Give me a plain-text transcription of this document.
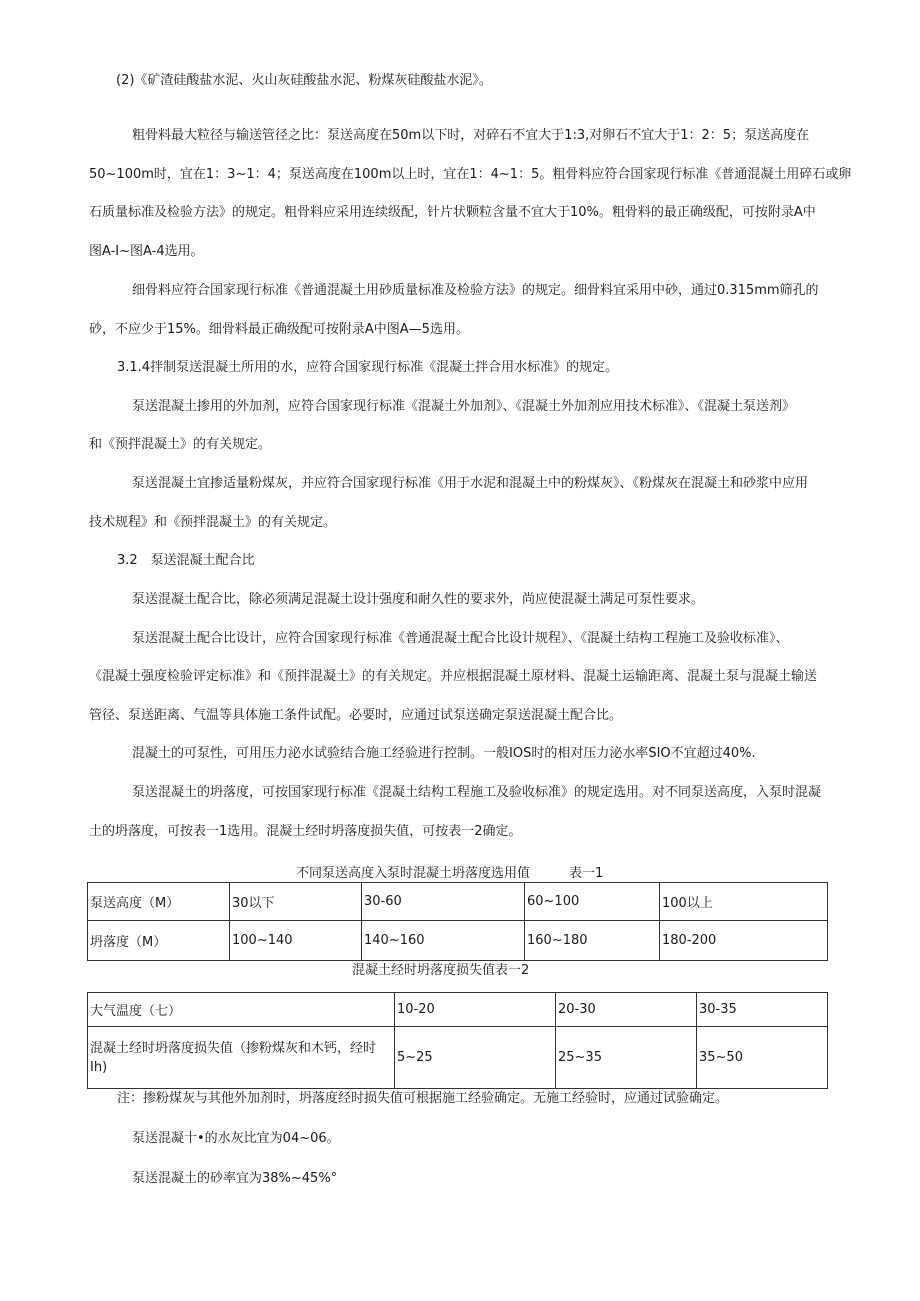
(2)《矿渣硅酸盐水泥、火山灰硅酸盐水泥、粉煤灰硅酸盐水泥》。
粗骨料最大粒径与输送管径之比：泵送高度在50m以下时，对碎石不宜大于1:3,对卵石不宜大于1：2：5；泵送高度在
50~100m时，宜在1：3~1：4；泵送高度在100m以上时，宜在1：4~1：5。粗骨料应符合国家现行标准《普通混凝土用碎石或卵
石质量标准及检验方法》的规定。粗骨料应采用连续级配，针片状颗粒含量不宜大于10%。粗骨料的最正确级配，可按附录A中
图A-I~图A-4选用。
细骨料应符合国家现行标准《普通混凝土用砂质量标准及检验方法》的规定。细骨料宜采用中砂，通过0.315mm筛孔的
砂，不应少于15%。细骨料最正确级配可按附录A中图A—5选用。
3.1.4拌制泵送混凝土所用的水，应符合国家现行标准《混凝土拌合用水标准》的规定。
泵送混凝土掺用的外加剂，应符合国家现行标准《混凝土外加剂》、《混凝土外加剂应用技术标准》、《混凝土泵送剂》
和《预拌混凝土》的有关规定。
泵送混凝土宜掺适量粉煤灰，并应符合国家现行标准《用于水泥和混凝土中的粉煤灰》、《粉煤灰在混凝土和砂浆中应用
技术规程》和《预拌混凝土》的有关规定。
3.2　泵送混凝土配合比
泵送混凝土配合比，除必须满足混凝土设计强度和耐久性的要求外，尚应使混凝土满足可泵性要求。
泵送混凝土配合比设计，应符合国家现行标准《普通混凝土配合比设计规程》、《混凝土结构工程施工及验收标准》、
《混凝土强度检验评定标准》和《预拌混凝土》的有关规定。并应根据混凝土原材料、混凝土运输距离、混凝土泵与混凝土输送
管径、泵送距离、气温等具体施工条件试配。必要时，应通过试泵送确定泵送混凝土配合比。
混凝土的可泵性，可用压力泌水试验结合施工经验进行控制。一般IOS时的相对压力泌水率SIO不宜超过40%.
泵送混凝土的坍落度，可按国家现行标准《混凝土结构工程施工及验收标准》的规定选用。对不同泵送高度，入泵时混凝
土的坍落度，可按表一1选用。混凝土经时坍落度损失值，可按表一2确定。
不同泵送高度入泵时混凝土坍落度选用值　　　表一1
泵送高度（M）	30以下	30-60	60~100	100以上
坍落度（M）	100~140	140~160	160~180	180-200
混凝土经时坍落度损失值表一2
大气温度（七）	10-20	20-30	30-35
混凝土经时坍落度损失值（掺粉煤灰和木钙，经时Ih)	5~25	25~35	35~50
注：掺粉煤灰与其他外加剂时，坍落度经时损失值可根据施工经验确定。无施工经验时，应通过试验确定。
泵送混凝十•的水灰比宜为04~06。
泵送混凝土的砂率宜为38%~45%°
